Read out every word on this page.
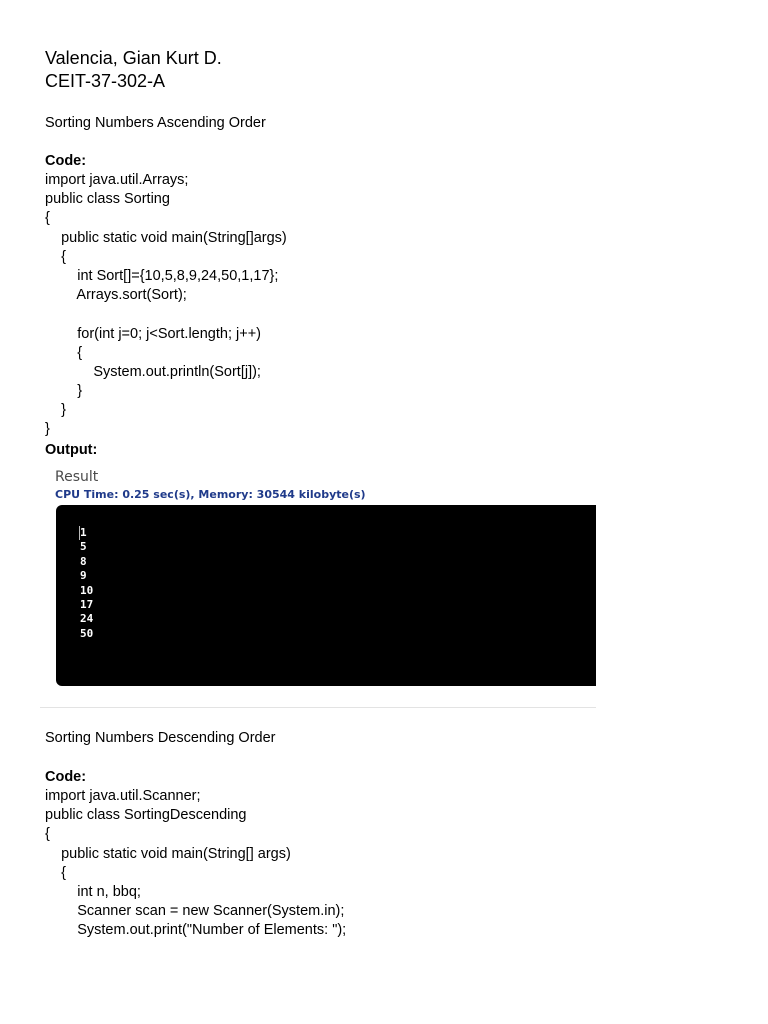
Valencia, Gian Kurt D.
CEIT-37-302-A
Sorting Numbers Ascending Order
Code:
import java.util.Arrays;
public class Sorting
{
public static void main(String[]args)
{
int Sort[]={10,5,8,9,24,50,1,17};
Arrays.sort(Sort);

for(int j=0; j<Sort.length; j++)
{
System.out.println(Sort[j]);
}
}
}
Output:
Result
CPU Time: 0.25 sec(s), Memory: 30544 kilobyte(s)
1
5
8
9
10
17
24
50
Sorting Numbers Descending Order
Code:
import java.util.Scanner;
public class SortingDescending
{
public static void main(String[] args)
{
int n, bbq;
Scanner scan = new Scanner(System.in);
System.out.print("Number of Elements: ");
